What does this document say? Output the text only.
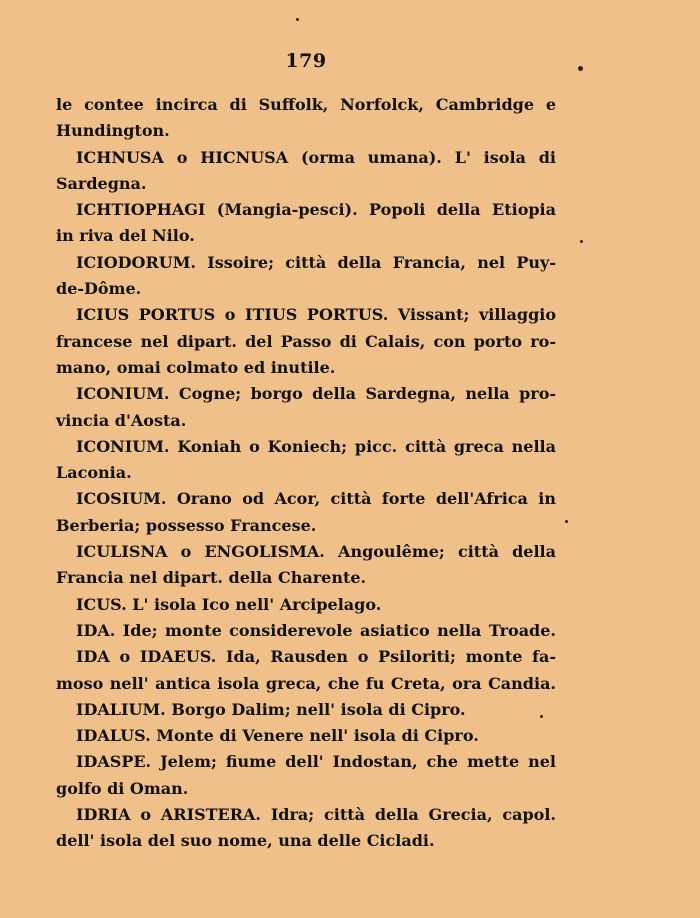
179
le contee incirca di Suffolk, Norfolck, Cambridge e
Hundington.
ICHNUSA o HICNUSA (orma umana). L' isola di
Sardegna.
ICHTIOPHAGI (Mangia-pesci). Popoli della Etiopia
in riva del Nilo.
ICIODORUM. Issoire; città della Francia, nel Puy-
de-Dôme.
ICIUS PORTUS o ITIUS PORTUS. Vissant; villaggio
francese nel dipart. del Passo di Calais, con porto ro-
mano, omai colmato ed inutile.
ICONIUM. Cogne; borgo della Sardegna, nella pro-
vincia d'Aosta.
ICONIUM. Koniah o Koniech; picc. città greca nella
Laconia.
ICOSIUM. Orano od Acor, città forte dell'Africa in
Berberia; possesso Francese.
ICULISNA o ENGOLISMA. Angoulême; città della
Francia nel dipart. della Charente.
ICUS. L' isola Ico nell' Arcipelago.
IDA. Ide; monte considerevole asiatico nella Troade.
IDA o IDAEUS. Ida, Rausden o Psiloriti; monte fa-
moso nell' antica isola greca, che fu Creta, ora Candia.
IDALIUM. Borgo Dalim; nell' isola di Cipro.
IDALUS. Monte di Venere nell' isola di Cipro.
IDASPE. Jelem; fiume dell' Indostan, che mette nel
golfo di Oman.
IDRIA o ARISTERA. Idra; città della Grecia, capol.
dell' isola del suo nome, una delle Cicladi.
